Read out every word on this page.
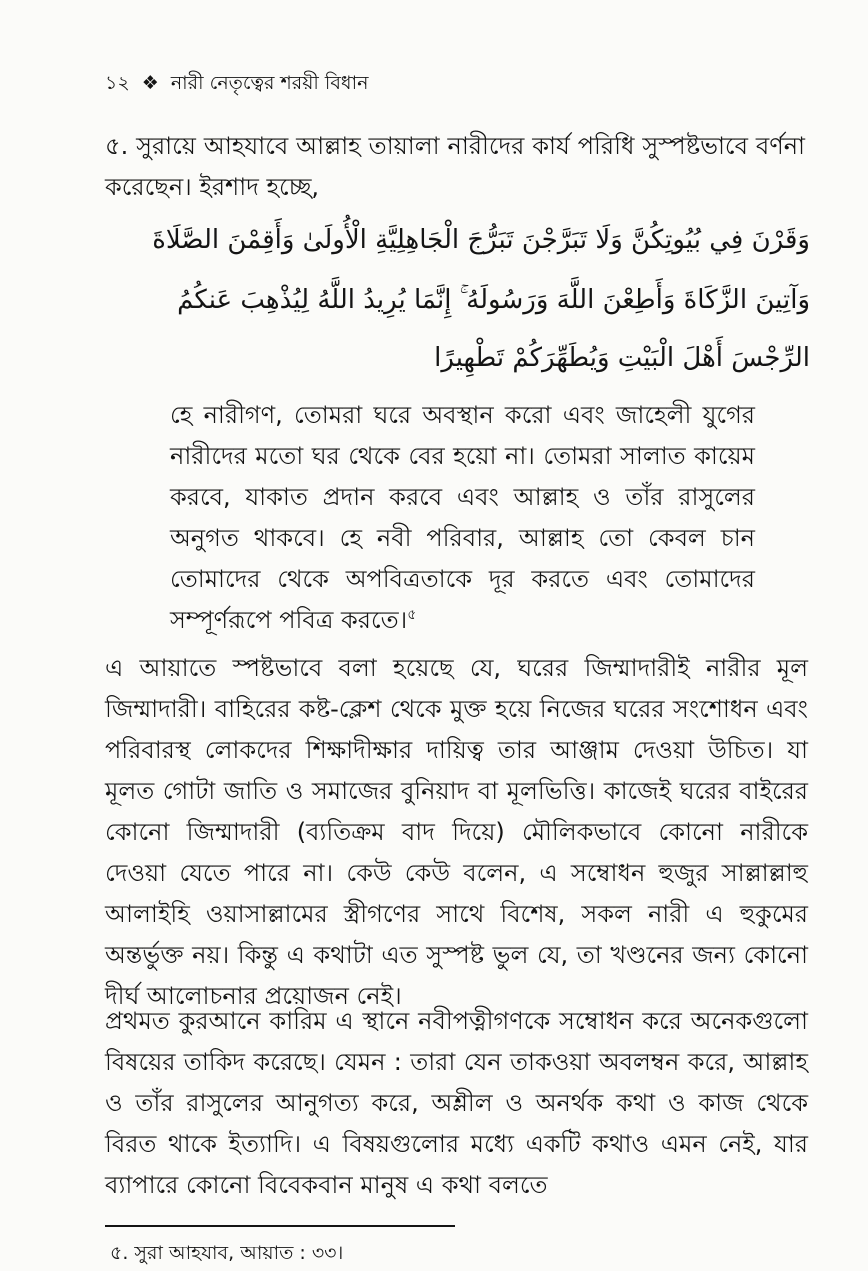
১২ ❖ নারী নেতৃত্বের শরয়ী বিধান

৫. সুরায়ে আহযাবে আল্লাহ তায়ালা নারীদের কার্য পরিধি সুস্পষ্টভাবে বর্ণনা করেছেন। ইরশাদ হচ্ছে,

وَقَرْنَ فِي بُيُوتِكُنَّ وَلَا تَبَرَّجْنَ تَبَرُّجَ الْجَاهِلِيَّةِ الْأُولَىٰ وَأَقِمْنَ الصَّلَاةَ
وَآتِينَ الزَّكَاةَ وَأَطِعْنَ اللَّهَ وَرَسُولَهُ ۚ إِنَّمَا يُرِيدُ اللَّهُ لِيُذْهِبَ عَنكُمُ
الرِّجْسَ أَهْلَ الْبَيْتِ وَيُطَهِّرَكُمْ تَطْهِيرًا

হে নারীগণ, তোমরা ঘরে অবস্থান করো এবং জাহেলী যুগের নারীদের মতো ঘর থেকে বের হয়ো না। তোমরা সালাত কায়েম করবে, যাকাত প্রদান করবে এবং আল্লাহ ও তাঁর রাসুলের অনুগত থাকবে। হে নবী পরিবার, আল্লাহ তো কেবল চান তোমাদের থেকে অপবিত্রতাকে দূর করতে এবং তোমাদের সম্পূর্ণরূপে পবিত্র করতে।$^৫$

এ আয়াতে স্পষ্টভাবে বলা হয়েছে যে, ঘরের জিম্মাদারীই নারীর মূল জিম্মাদারী। বাহিরের কষ্ট-ক্লেশ থেকে মুক্ত হয়ে নিজের ঘরের সংশোধন এবং পরিবারস্থ লোকদের শিক্ষাদীক্ষার দায়িত্ব তার আঞ্জাম দেওয়া উচিত। যা মূলত গোটা জাতি ও সমাজের বুনিয়াদ বা মূলভিত্তি। কাজেই ঘরের বাইরের কোনো জিম্মাদারী (ব্যতিক্রম বাদ দিয়ে) মৌলিকভাবে কোনো নারীকে দেওয়া যেতে পারে না। কেউ কেউ বলেন, এ সম্বোধন হুজুর সাল্লাল্লাহু আলাইহি ওয়াসাল্লামের স্ত্রীগণের সাথে বিশেষ, সকল নারী এ হুকুমের অন্তর্ভুক্ত নয়। কিন্তু এ কথাটা এত সুস্পষ্ট ভুল যে, তা খণ্ডনের জন্য কোনো দীর্ঘ আলোচনার প্রয়োজন নেই।

প্রথমত কুরআনে কারিম এ স্থানে নবীপত্নীগণকে সম্বোধন করে অনেকগুলো বিষয়ের তাকিদ করেছে। যেমন : তারা যেন তাকওয়া অবলম্বন করে, আল্লাহ ও তাঁর রাসুলের আনুগত্য করে, অশ্লীল ও অনর্থক কথা ও কাজ থেকে বিরত থাকে ইত্যাদি। এ বিষয়গুলোর মধ্যে একটি কথাও এমন নেই, যার ব্যাপারে কোনো বিবেকবান মানুষ এ কথা বলতে

৫. সুরা আহযাব, আয়াত : ৩৩।
